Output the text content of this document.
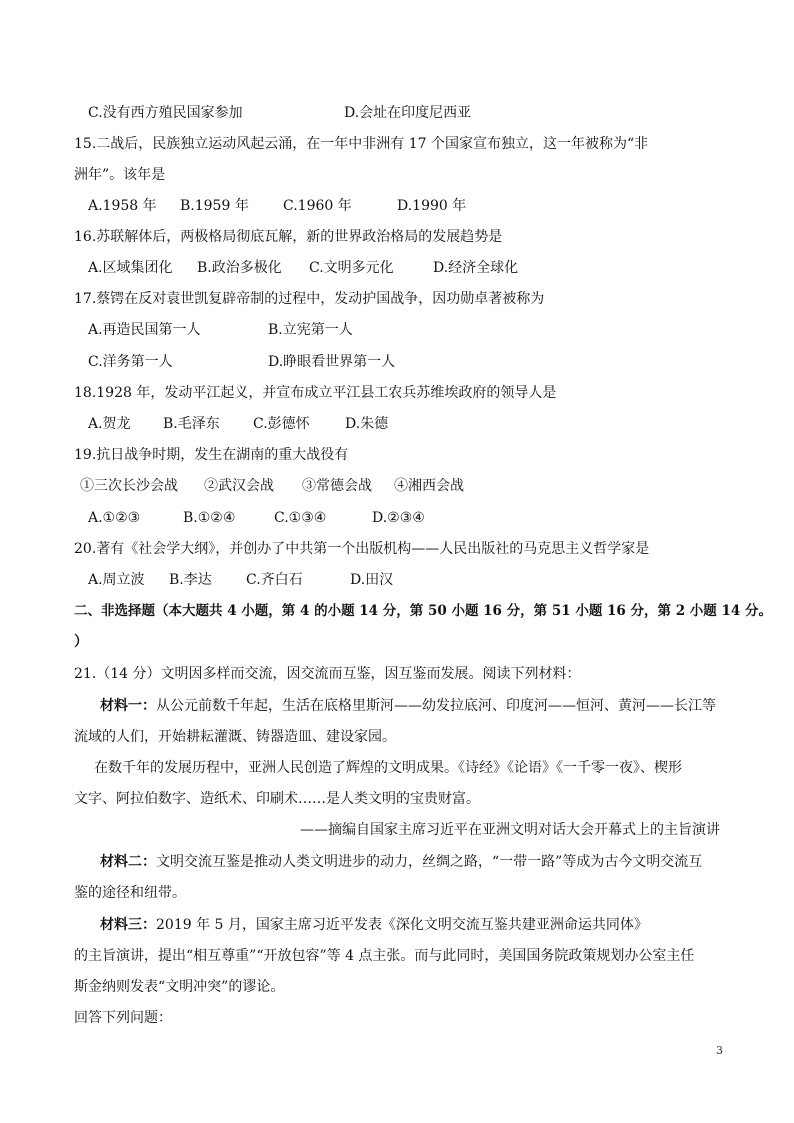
C.没有西方殖民国家参加	D.会址在印度尼西亚
15.二战后，民族独立运动风起云涌，在一年中非洲有 17 个国家宣布独立，这一年被称为“非
洲年”。该年是
A.1958 年 B.1959 年 C.1960 年	D.1990 年
16.苏联解体后，两极格局彻底瓦解，新的世界政治格局的发展趋势是
A.区域集团化 B.政治多极化 C.文明多元化	D.经济全球化
17.蔡锷在反对袁世凯复辟帝制的过程中，发动护国战争，因功勋卓著被称为
A.再造民国第一人	B.立宪第一人
C.洋务第一人	D.睁眼看世界第一人
18.1928 年，发动平江起义，并宣布成立平江县工农兵苏维埃政府的领导人是
A.贺龙 B.毛泽东 C.彭德怀	D.朱德
19.抗日战争时期，发生在湖南的重大战役有
①三次长沙会战 ②武汉会战 ③常德会战 ④湘西会战
A.①②③	B.①②④	C.①③④	D.②③④
20.著有《社会学大纲》，并创办了中共第一个出版机构——人民出版社的马克思主义哲学家是
A.周立波 B.李达 C.齐白石	D.田汉
二、非选择题（本大题共 4 小题，第 4 的小题 14 分，第 50 小题 16 分，第 51 小题 16 分，第 2 小题 14 分。
）
21.（14 分）文明因多样而交流，因交流而互鉴，因互鉴而发展。阅读下列材料：
材料一：从公元前数千年起，生活在底格里斯河——幼发拉底河、印度河——恒河、黄河——长江等
流域的人们，开始耕耘灌溉、铸器造皿、建设家园。
在数千年的发展历程中，亚洲人民创造了辉煌的文明成果。《诗经》《论语》《一千零一夜》、楔形
文字、阿拉伯数字、造纸术、印刷术……是人类文明的宝贵财富。
——摘编自国家主席习近平在亚洲文明对话大会开幕式上的主旨演讲
材料二：文明交流互鉴是推动人类文明进步的动力，丝绸之路，“一带一路”等成为古今文明交流互
鉴的途径和纽带。
材料三：2019 年 5 月，国家主席习近平发表《深化文明交流互鉴共建亚洲命运共同体》
的主旨演讲，提出“相互尊重”“开放包容”等 4 点主张。而与此同时，美国国务院政策规划办公室主任
斯金纳则发表“文明冲突”的谬论。
回答下列问题：
3
